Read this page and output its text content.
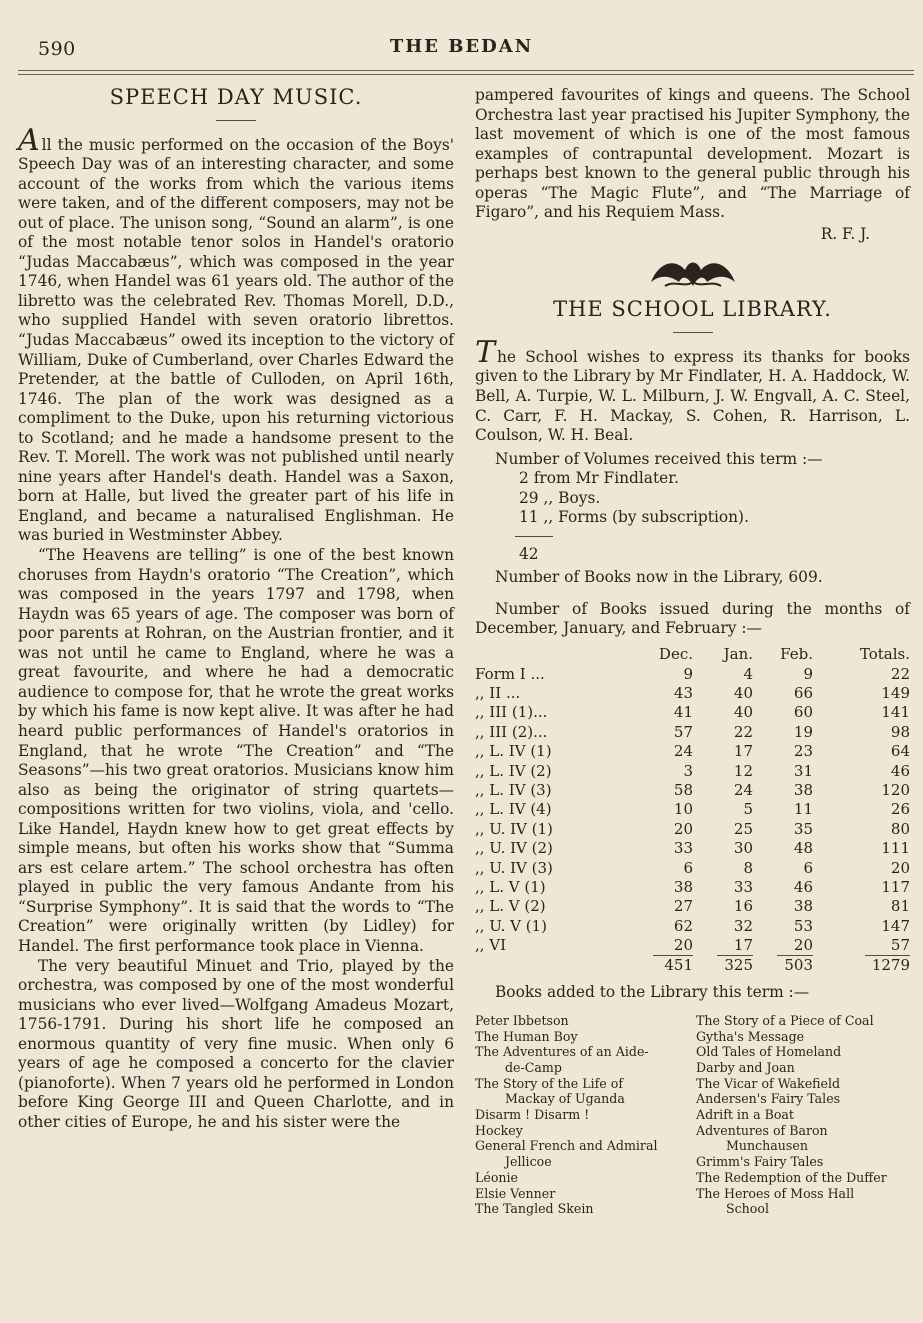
590	THE BEDAN
SPEECH DAY MUSIC.

All the music performed on the occasion of the Boys' Speech Day was of an interesting character, and some account of the works from which the various items were taken, and of the different composers, may not be out of place. The unison song, “Sound an alarm”, is one of the most notable tenor solos in Handel's oratorio “Judas Maccabæus”, which was composed in the year 1746, when Handel was 61 years old. The author of the libretto was the celebrated Rev. Thomas Morell, D.D., who supplied Handel with seven oratorio librettos. “Judas Maccabæus” owed its inception to the victory of William, Duke of Cumberland, over Charles Edward the Pretender, at the battle of Culloden, on April 16th, 1746. The plan of the work was designed as a compliment to the Duke, upon his returning victorious to Scotland; and he made a handsome present to the Rev. T. Morell. The work was not published until nearly nine years after Handel's death. Handel was a Saxon, born at Halle, but lived the greater part of his life in England, and became a naturalised Englishman. He was buried in Westminster Abbey.

“The Heavens are telling” is one of the best known choruses from Haydn's oratorio “The Creation”, which was composed in the years 1797 and 1798, when Haydn was 65 years of age. The composer was born of poor parents at Rohran, on the Austrian frontier, and it was not until he came to England, where he was a great favourite, and where he had a democratic audience to compose for, that he wrote the great works by which his fame is now kept alive. It was after he had heard public performances of Handel's oratorios in England, that he wrote “The Creation” and “The Seasons”—his two great oratorios. Musicians know him also as being the originator of string quartets—compositions written for two violins, viola, and 'cello. Like Handel, Haydn knew how to get great effects by simple means, but often his works show that “Summa ars est celare artem.” The school orchestra has often played in public the very famous Andante from his “Surprise Symphony”. It is said that the words to “The Creation” were originally written (by Lidley) for Handel. The first performance took place in Vienna.

The very beautiful Minuet and Trio, played by the orchestra, was composed by one of the most wonderful musicians who ever lived—Wolfgang Amadeus Mozart, 1756-1791. During his short life he composed an enormous quantity of very fine music. When only 6 years of age he composed a concerto for the clavier (pianoforte). When 7 years old he performed in London before King George III and Queen Charlotte, and in other cities of Europe, he and his sister were the

pampered favourites of kings and queens. The School Orchestra last year practised his Jupiter Symphony, the last movement of which is one of the most famous examples of contrapuntal development. Mozart is perhaps best known to the general public through his operas “The Magic Flute”, and “The Marriage of Figaro”, and his Requiem Mass.

R. F. J.
THE SCHOOL LIBRARY.

The School wishes to express its thanks for books given to the Library by Mr Findlater, H. A. Haddock, W. Bell, A. Turpie, W. L. Milburn, J. W. Engvall, A. C. Steel, C. Carr, F. H. Mackay, S. Cohen, R. Harrison, L. Coulson, W. H. Beal.

Number of Volumes received this term :—

2 from Mr Findlater.

29 ,, Boys.

11 ,, Forms (by subscription).

42

Number of Books now in the Library, 609.

Number of Books issued during the months of December, January, and February :—

	Dec.	Jan.	Feb.	Totals.
Form I ...	9	4	9	22
,, II ...	43	40	66	149
,, III (1)...	41	40	60	141
,, III (2)...	57	22	19	98
,, L. IV (1)	24	17	23	64
,, L. IV (2)	3	12	31	46
,, L. IV (3)	58	24	38	120
,, L. IV (4)	10	5	11	26
,, U. IV (1)	20	25	35	80
,, U. IV (2)	33	30	48	111
,, U. IV (3)	6	8	6	20
,, L. V (1)	38	33	46	117
,, L. V (2)	27	16	38	81
,, U. V (1)	62	32	53	147
,, VI	20	17	20	57

451	325	503	1279

Books added to the Library this term :—

Peter Ibbetson
The Human Boy
The Adventures of an Aide-
de-Camp
The Story of the Life of
Mackay of Uganda
Disarm ! Disarm !
Hockey
General French and Admiral
Jellicoe
Léonie
Elsie Venner
The Tangled Skein
The Story of a Piece of Coal
Gytha's Message
Old Tales of Homeland
Darby and Joan
The Vicar of Wakefield
Andersen's Fairy Tales
Adrift in a Boat
Adventures of Baron
Munchausen
Grimm's Fairy Tales
The Redemption of the Duffer
The Heroes of Moss Hall
School
